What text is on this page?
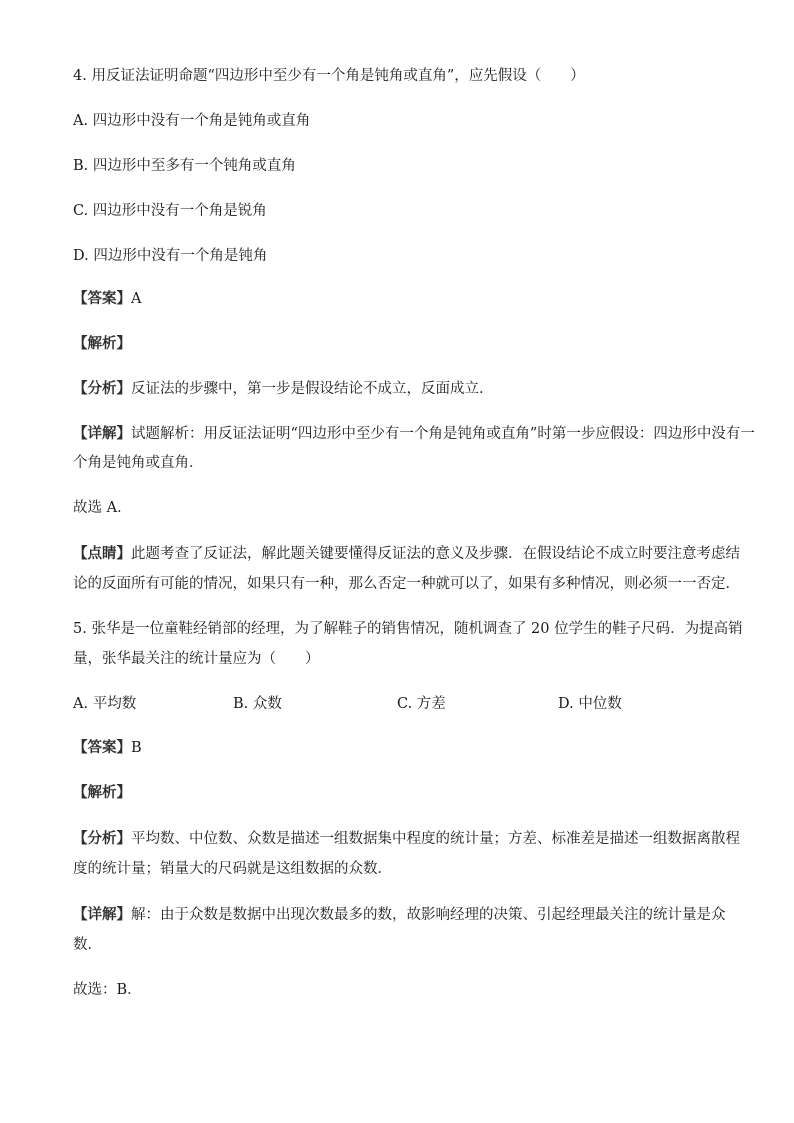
4. 用反证法证明命题“四边形中至少有一个角是钝角或直角”，应先假设（　　）
A. 四边形中没有一个角是钝角或直角
B. 四边形中至多有一个钝角或直角
C. 四边形中没有一个角是锐角
D. 四边形中没有一个角是钝角
【答案】A
【解析】
【分析】反证法的步骤中，第一步是假设结论不成立，反面成立．
【详解】试题解析：用反证法证明“四边形中至少有一个角是钝角或直角”时第一步应假设：四边形中没有一
个角是钝角或直角．
故选 A．
【点睛】此题考查了反证法，解此题关键要懂得反证法的意义及步骤．在假设结论不成立时要注意考虑结
论的反面所有可能的情况，如果只有一种，那么否定一种就可以了，如果有多种情况，则必须一一否定．
5. 张华是一位童鞋经销部的经理，为了解鞋子的销售情况，随机调查了 20 位学生的鞋子尺码．为提高销
量，张华最关注的统计量应为（　　）
A. 平均数	B. 众数	C. 方差	D. 中位数
【答案】B
【解析】
【分析】平均数、中位数、众数是描述一组数据集中程度的统计量；方差、标准差是描述一组数据离散程
度的统计量；销量大的尺码就是这组数据的众数．
【详解】解：由于众数是数据中出现次数最多的数，故影响经理的决策、引起经理最关注的统计量是众
数．
故选：B．
